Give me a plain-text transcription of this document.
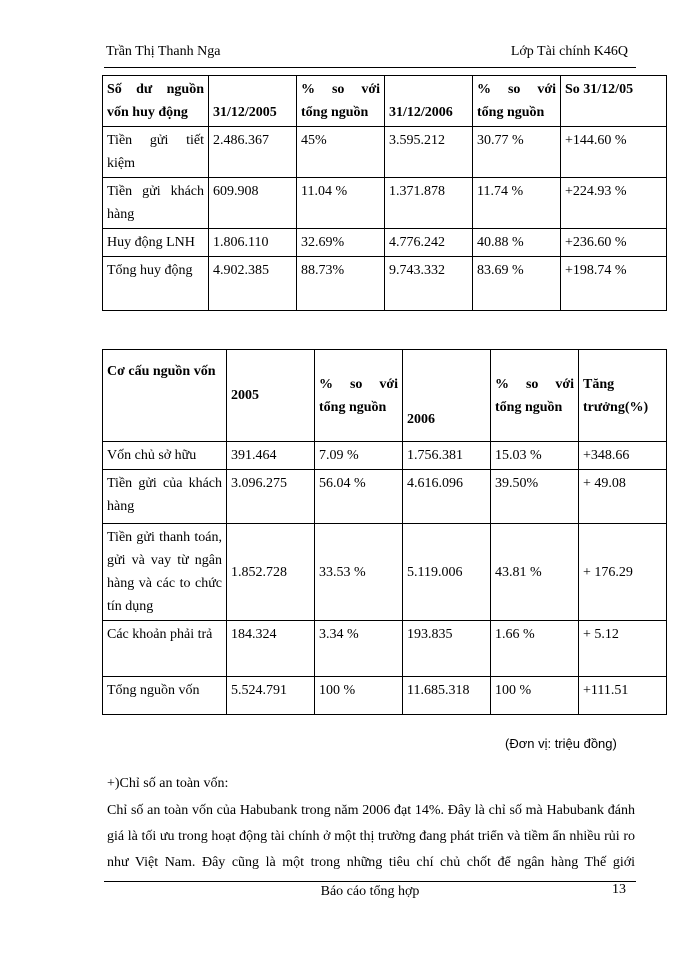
Trần Thị Thanh Nga	Lớp Tài chính K46Q
Số dư nguồn vốn huy động	31/12/2005	% so với tổng nguồn	31/12/2006	% so với tổng nguồn	So 31/12/05
Tiền gửi tiết kiệm	2.486.367	45%	3.595.212	30.77 %	+144.60 %
Tiền gửi khách hàng	609.908	11.04 %	1.371.878	11.74 %	+224.93 %
Huy động LNH	1.806.110	32.69%	4.776.242	40.88 %	+236.60 %
Tổng huy động	4.902.385	88.73%	9.743.332	83.69 %	+198.74 %
Cơ cấu nguồn vốn	2005	% so với tổng nguồn	2006	% so với tổng nguồn	Tăng trưởng(%)
Vốn chủ sở hữu	391.464	7.09 %	1.756.381	15.03 %	+348.66
Tiền gửi của khách hàng	3.096.275	56.04 %	4.616.096	39.50%	+ 49.08
Tiền gửi thanh toán, gửi và vay từ ngân hàng và các to chức tín dụng	1.852.728	33.53 %	5.119.006	43.81 %	+ 176.29
Các khoản phải trả	184.324	3.34 %	193.835	1.66 %	+ 5.12
Tổng nguồn vốn	5.524.791	100 %	11.685.318	100 %	+111.51
(Đơn vị: triệu đồng)
+)Chỉ số an toàn vốn:
Chỉ số an toàn vốn của Habubank trong năm 2006 đạt 14%. Đây là chỉ số mà Habubank đánh giá là tối ưu trong hoạt động tài chính ở một thị trường đang phát triển và tiềm ẩn nhiều rủi ro như Việt Nam. Đây cũng là một trong những tiêu chí chủ chốt để ngân hàng Thế giới
Báo cáo tổng hợp	13
